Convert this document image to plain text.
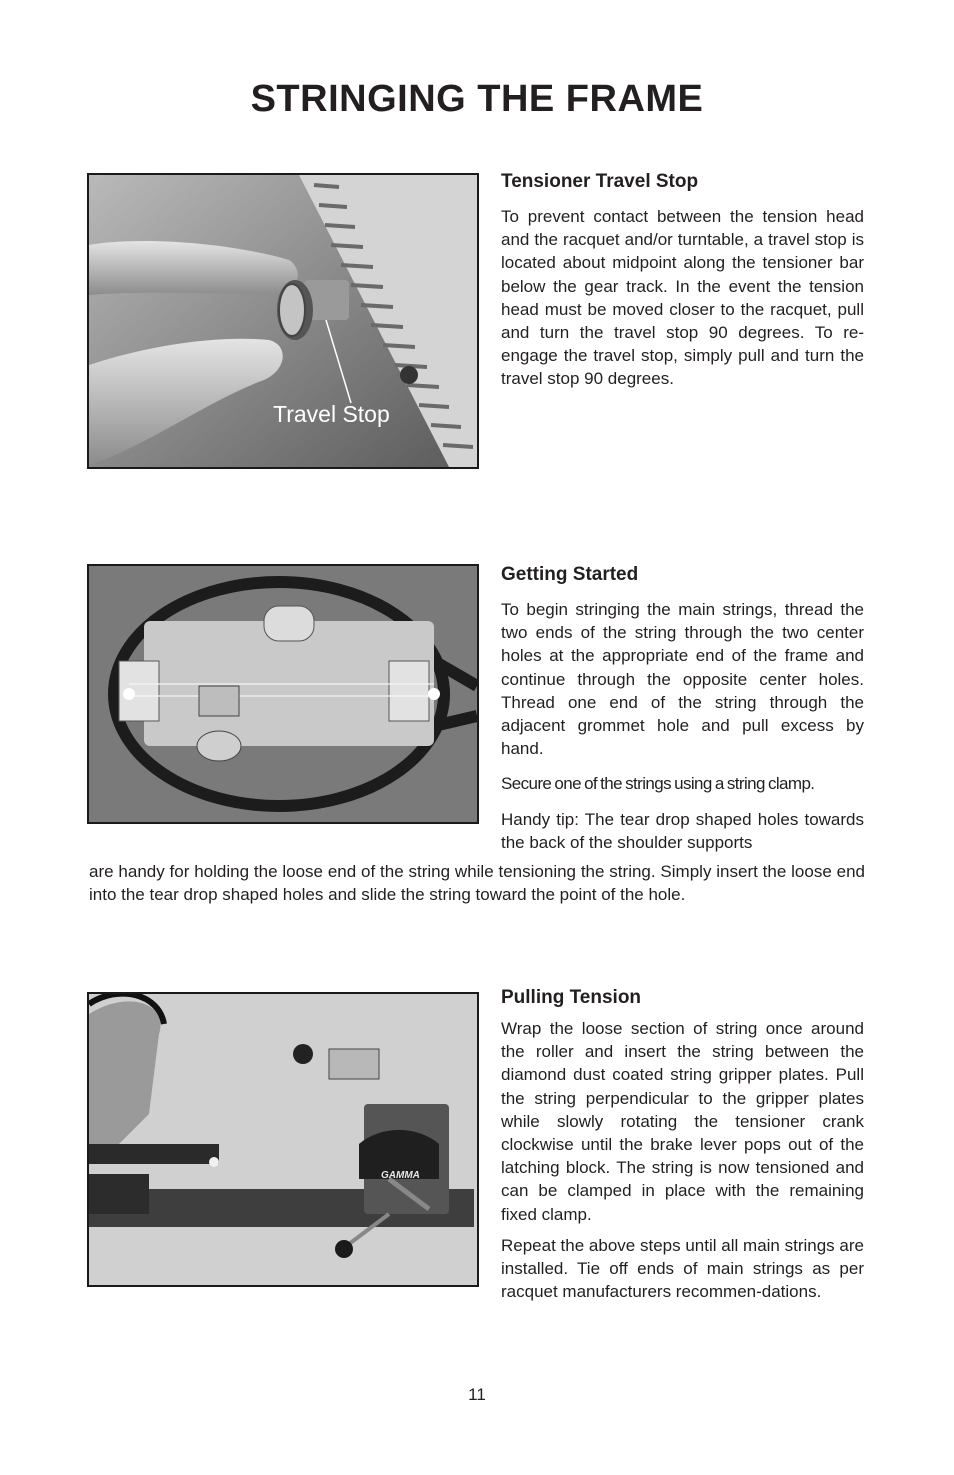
STRINGING THE FRAME
Travel Stop

Tensioner Travel Stop

To prevent contact between the tension head and the racquet and/or turntable, a travel stop is located about midpoint along the tensioner bar below the gear track. In the event the tension head must be moved closer to the racquet, pull and turn the travel stop 90 degrees. To re-engage the travel stop, simply pull and turn the travel stop 90 degrees.

Getting Started

To begin stringing the main strings, thread the two ends of the string through the two center holes at the appropriate end of the frame and continue through the opposite center holes. Thread one end of the string through the adjacent grommet hole and pull excess by hand.

Secure one of the strings using a string clamp.

Handy tip: The tear drop shaped holes towards the back of the shoulder supports

are handy for holding the loose end of the string while tensioning the string. Simply insert the loose end into the tear drop shaped holes and slide the string toward the point of the hole.

GAMMA

Pulling Tension

Wrap the loose section of string once around the roller and insert the string between the diamond dust coated string gripper plates. Pull the string perpendicular to the gripper plates while slowly rotating the tensioner crank clockwise until the brake lever pops out of the latching block. The string is now tensioned and can be clamped in place with the remaining fixed clamp.

Repeat the above steps until all main strings are installed. Tie off ends of main strings as per racquet manufacturers recommen-dations.

11
